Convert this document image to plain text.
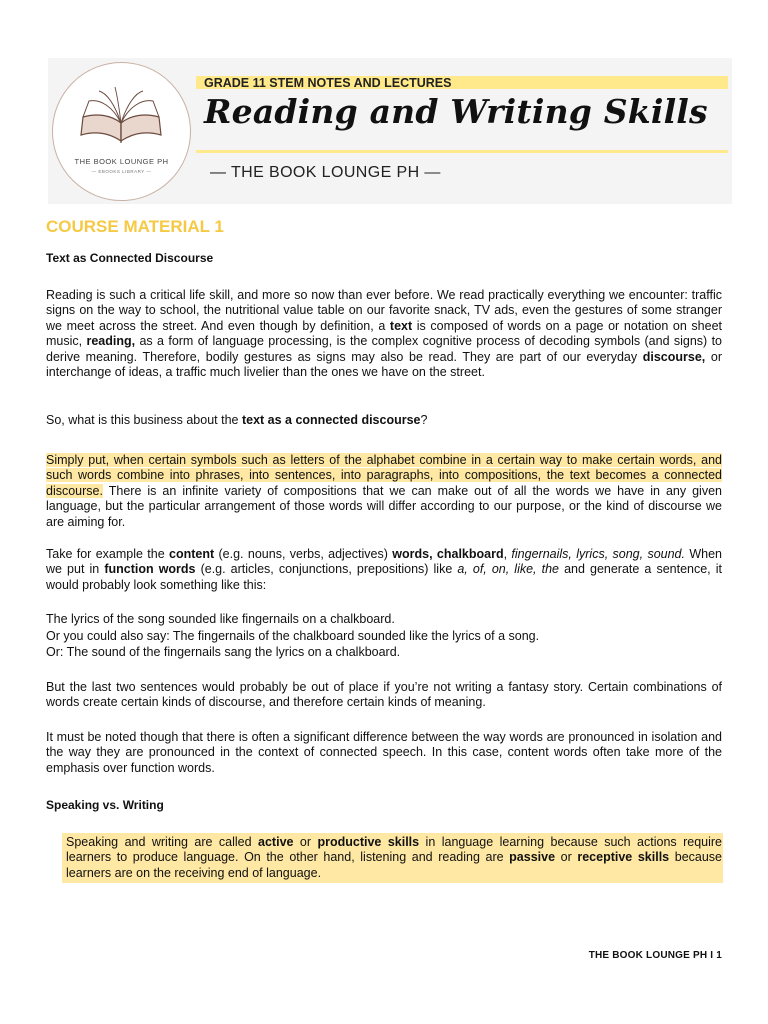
THE BOOK LOUNGE PH
— EBOOKS LIBRARY —
GRADE 11 STEM NOTES AND LECTURES
Reading and Writing Skills
— THE BOOK LOUNGE PH —
COURSE MATERIAL 1
Text as Connected Discourse
Reading is such a critical life skill, and more so now than ever before. We read practically everything we encounter: traffic signs on the way to school, the nutritional value table on our favorite snack, TV ads, even the gestures of some stranger we meet across the street. And even though by definition, a text is composed of words on a page or notation on sheet music, reading, as a form of language processing, is the complex cognitive process of decoding symbols (and signs) to derive meaning. Therefore, bodily gestures as signs may also be read. They are part of our everyday discourse, or interchange of ideas, a traffic much livelier than the ones we have on the street.
So, what is this business about the text as a connected discourse?
Simply put, when certain symbols such as letters of the alphabet combine in a certain way to make certain words, and such words combine into phrases, into sentences, into paragraphs, into compositions, the text becomes a connected discourse. There is an infinite variety of compositions that we can make out of all the words we have in any given language, but the particular arrangement of those words will differ according to our purpose, or the kind of discourse we are aiming for.
Take for example the content (e.g. nouns, verbs, adjectives) words, chalkboard, fingernails, lyrics, song, sound. When we put in function words (e.g. articles, conjunctions, prepositions) like a, of, on, like, the and generate a sentence, it would probably look something like this:
The lyrics of the song sounded like fingernails on a chalkboard.
Or you could also say: The fingernails of the chalkboard sounded like the lyrics of a song.
Or: The sound of the fingernails sang the lyrics on a chalkboard.
But the last two sentences would probably be out of place if you’re not writing a fantasy story. Certain combinations of words create certain kinds of discourse, and therefore certain kinds of meaning.
It must be noted though that there is often a significant difference between the way words are pronounced in isolation and the way they are pronounced in the context of connected speech. In this case, content words often take more of the emphasis over function words.
Speaking vs. Writing
Speaking and writing are called active or productive skills in language learning because such actions require learners to produce language. On the other hand, listening and reading are passive or receptive skills because learners are on the receiving end of language.
THE BOOK LOUNGE PH I 1
